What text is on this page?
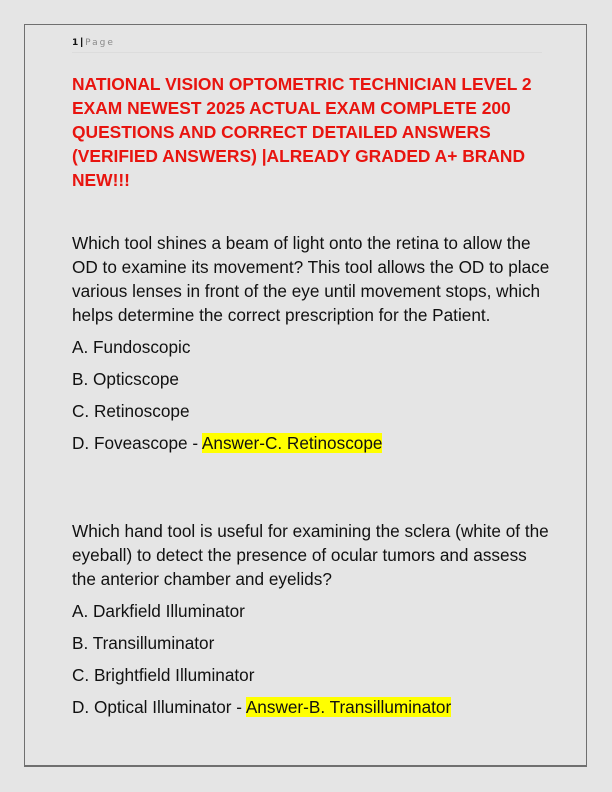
1 | Page
NATIONAL VISION OPTOMETRIC TECHNICIAN LEVEL 2 EXAM NEWEST 2025 ACTUAL EXAM COMPLETE 200 QUESTIONS AND CORRECT DETAILED ANSWERS (VERIFIED ANSWERS) |ALREADY GRADED A+ BRAND NEW!!!

Which tool shines a beam of light onto the retina to allow the OD to examine its movement? This tool allows the OD to place various lenses in front of the eye until movement stops, which helps determine the correct prescription for the Patient.

A. Fundoscopic

B. Opticscope

C. Retinoscope

D. Foveascope - Answer-C. Retinoscope

Which hand tool is useful for examining the sclera (white of the eyeball) to detect the presence of ocular tumors and assess the anterior chamber and eyelids?

A. Darkfield Illuminator

B. Transilluminator

C. Brightfield Illuminator

D. Optical Illuminator - Answer-B. Transilluminator
